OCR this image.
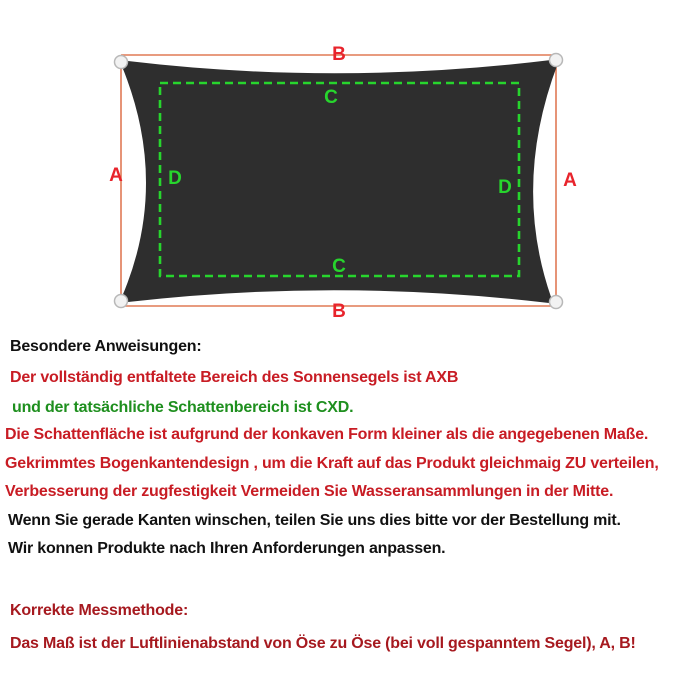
B
B
A	A
C
C
D	D
Besondere Anweisungen:
Der vollständig entfaltete Bereich des Sonnensegels ist AXB
und der tatsächliche Schattenbereich ist CXD.
Die Schattenfläche ist aufgrund der konkaven Form kleiner als die angegebenen Maße.
Gekrimmtes Bogenkantendesign , um die Kraft auf das Produkt gleichmaig ZU verteilen,
Verbesserung der zugfestigkeit Vermeiden Sie Wasseransammlungen in der Mitte.
Wenn Sie gerade Kanten winschen, teilen Sie uns dies bitte vor der Bestellung mit.
Wir konnen Produkte nach Ihren Anforderungen anpassen.
Korrekte Messmethode:
Das Maß ist der Luftlinienabstand von Öse zu Öse (bei voll gespanntem Segel), A, B!
